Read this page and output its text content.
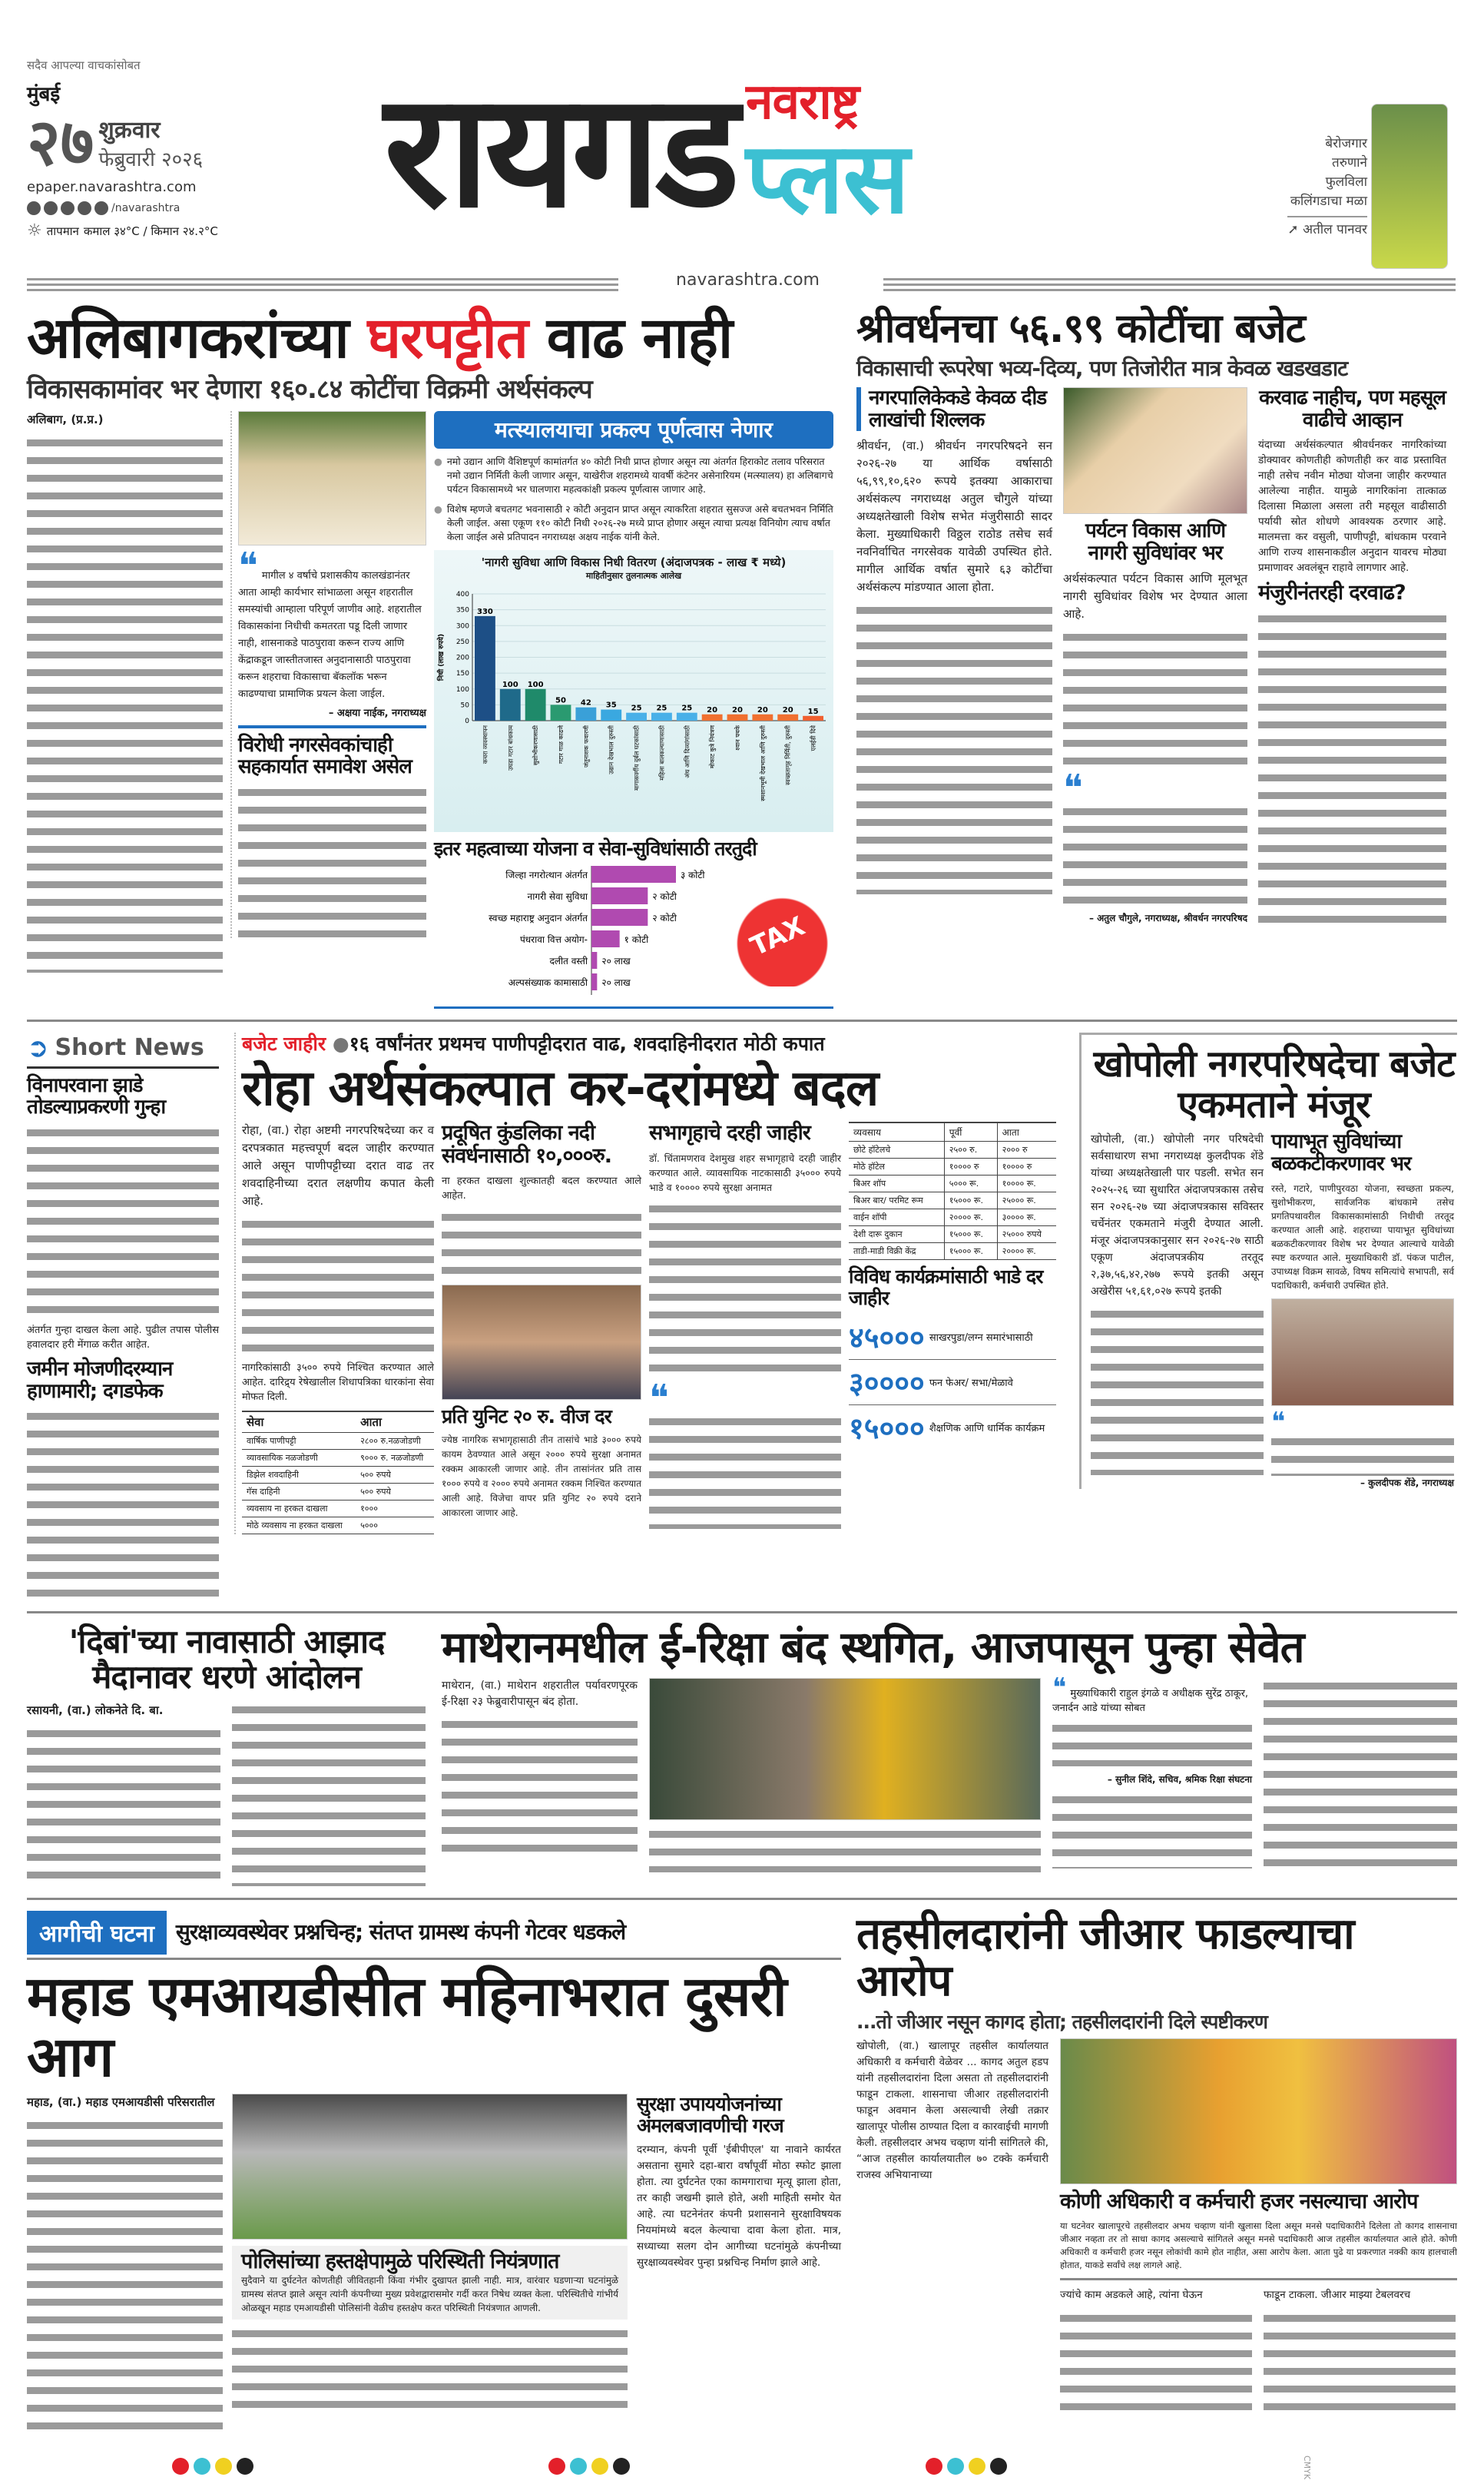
सदैव आपल्या वाचकांसोबत
मुंबई
२७ शुक्रवार
फेब्रुवारी २०२६
epaper.navarashtra.com
/navarashtra
☼ तापमान कमाल ३४°C / किमान २४.२°C रायगड नवराष्ट्र
प्लस	बेरोजगार
तरुणाने
फुलविला
कलिंगडाचा मळा
➚ अतील पानवर
navarashtra.com
अलिबागकरांच्या घरपट्टीत वाढ नाही
विकासकामांवर भर देणारा १६०.८४ कोटींचा विक्रमी अर्थसंकल्प
अलिबाग, (प्र.प्र.)
❝ मागील ४ वर्षाचे प्रशासकीय कालखंडानंतर आता आम्ही कार्यभार सांभाळला असून शहरातील समस्यांची आम्हाला परिपूर्ण जाणीव आहे. शहरातील विकासकांना निधीची कमतरता पडू दिली जाणार नाही, शासनाकडे पाठपुरावा करून राज्य आणि केंद्राकडून जास्तीतजास्त अनुदानासाठी पाठपुरावा करून शहराचा विकासाचा बॅकलॉक भरून काढण्याचा प्रामाणिक प्रयत्न केला जाईल.
– अक्षया नाईक, नगराध्यक्ष
विरोधी नगरसेवकांचाही सहकार्यात समावेश असेल
मत्स्यालयाचा प्रकल्प पूर्णत्वास नेणार
● नमो उद्यान आणि वैशिष्टपूर्ण कामांतर्गत ४० कोटी निधी प्राप्त होणार असून त्या अंतर्गत हिराकोट तलाव परिसरात नमो उद्यान निर्मिती केली जाणार असून, याखेरीज शहरामध्ये यावर्षी कंटेनर असेनारियम (मत्स्यालय) हा अलिबागचे पर्यटन विकासामध्ये भर घालणारा महत्वकांक्षी प्रकल्प पूर्णत्वास जाणार आहे.
● विशेष म्हणजे बचतगट भवनासाठी २ कोटी अनुदान प्राप्त असून त्याकरिता शहरात सुसज्ज असे बचतभवन निर्मिति केली जाईल. असा एकूण ११० कोटी निधी २०२६-२७ मध्ये प्राप्त होणार असून त्याचा प्रत्यक्ष विनियोग त्याच वर्षात केला जाईल असे प्रतिपादन नगराध्यक्ष अक्षय नाईक यांनी केले.
'नागरी सुविधा आणि विकास निधी वितरण (अंदाजपत्रक - लाख ₹ मध्ये)
माहितीनुसार तुलनात्मक आलेख
निधी (लाख रुपये)
0
50
100
150
200
250
300
350
400
330
कचरा व्यवस्थापन
100
उघडा गटार बांधकाम
100
सुशोभीकरणासाठी
50
गटार गाळ काढणे
42
जंतुनाशक फवारणी
35
उद्यान देखभाल दुरुस्ती
25
मागासवर्गीय दुर्बल घटकांसाठी
25
महिला बालकल्याणासाठी
25
अंध आणि दिव्यांगांसाठी
20
मोकाट कुत्रे नियंत्रण
20
श्वान पथके
20
स्मशानभूमी देखभाल आणि दुरुस्ती
20
स्वच्छतागृह निर्मिती, दुरुस्ती
15
एलईडी दिवे
इतर महत्वाच्या योजना व सेवा-सुविधांसाठी तरतुदी
जिल्हा नगरोत्थान अंतर्गत	३ कोटी
नागरी सेवा सुविधा	२ कोटी
स्वच्छ महाराष्ट्र अनुदान अंतर्गत	२ कोटी
पंधरावा वित्त अयोग-	१ कोटी
दलीत वस्ती २० लाख
अल्पसंख्याक कामासाठी २० लाख
TAX
श्रीवर्धनचा ५६.९९ कोटींचा बजेट
विकासाची रूपरेषा भव्य-दिव्य, पण तिजोरीत मात्र केवळ खडखडाट
नगरपालिकेकडे केवळ दीड लाखांची शिल्लक
श्रीवर्धन, (वा.) श्रीवर्धन नगरपरिषदने सन २०२६-२७ या आर्थिक वर्षासाठी ५६,९९,१०,६२० रूपये इतक्या आकाराचा अर्थसंकल्प नगराध्यक्ष अतुल चौगुले यांच्या अध्यक्षतेखाली विशेष सभेत मंजुरीसाठी सादर केला. मुख्याधिकारी विठ्ठल राठोड तसेच सर्व नवनिर्वाचित नगरसेवक यावेळी उपस्थित होते. मागील आर्थिक वर्षात सुमारे ६३ कोटींचा अर्थसंकल्प मांडण्यात आला होता.
पर्यटन विकास आणि नागरी सुविधांवर भर
अर्थसंकल्पात पर्यटन विकास आणि मूलभूत नागरी सुविधांवर विशेष भर देण्यात आला आहे.
❝
– अतुल चौगुले, नगराध्यक्ष, श्रीवर्धन नगरपरिषद
करवाढ नाहीच, पण महसूल वाढीचे आव्हान
यंदाच्या अर्थसंकल्पात श्रीवर्धनकर नागरिकांच्या डोक्यावर कोणतीही कोणतीही कर वाढ प्रस्तावित नाही तसेच नवीन मोठ्या योजना जाहीर करण्यात आलेल्या नाहीत. यामुळे नागरिकांना तात्काळ दिलासा मिळाला असला तरी महसूल वाढीसाठी पर्यायी स्रोत शोधणे आवश्यक ठरणार आहे. मालमत्ता कर वसुली, पाणीपट्टी, बांधकाम परवाने आणि राज्य शासनाकडील अनुदान यावरच मोठ्या प्रमाणावर अवलंबून राहावे लागणार आहे.
मंजुरीनंतरही दरवाढ?
➲ Short News
विनापरवाना झाडे तोडल्याप्रकरणी गुन्हा
अंतर्गत गुन्हा दाखल केला आहे. पुढील तपास पोलीस हवालदार हरी मेंगाळ करीत आहेत.
जमीन मोजणीदरम्यान हाणामारी; दगडफेक
बजेट जाहीर ●१६ वर्षांनंतर प्रथमच पाणीपट्टीदरात वाढ, शवदाहिनीदरात मोठी कपात
रोहा अर्थसंकल्पात कर-दरांमध्ये बदल
रोहा, (वा.) रोहा अष्टमी नगरपरिषदेच्या कर व दरपत्रकात महत्त्वपूर्ण बदल जाहीर करण्यात आले असून पाणीपट्टीच्या दरात वाढ तर शवदाहिनीच्या दरात लक्षणीय कपात केली आहे.
नागरिकांसाठी ३५०० रुपये निश्चित करण्यात आले आहेत. दारिद्र्य रेषेखालील शिधापत्रिका धारकांना सेवा मोफत दिली.
सेवा	आता
वार्षिक पाणीपट्टी	२८०० रु.नळजोडणी
व्यावसायिक नळजोडणी	९००० रु. नळजोडणी
डिझेल शवदाहिनी	५०० रुपये
गॅस दाहिनी	५०० रुपये
व्यवसाय ना हरकत दाखला	१०००
मोठे व्यवसाय ना हरकत दाखला	५०००
प्रदूषित कुंडलिका नदी संवर्धनासाठी १०,०००रु.
ना हरकत दाखला शुल्कातही बदल करण्यात आले आहेत.
प्रति युनिट २० रु. वीज दर
ज्येष्ठ नागरिक सभागृहासाठी तीन तासांचे भाडे ३००० रुपये कायम ठेवण्यात आले असून २००० रुपये सुरक्षा अनामत रक्कम आकारली जाणार आहे. तीन तासांनंतर प्रति तास १००० रुपये व २००० रुपये अनामत रक्कम निश्चित करण्यात आली आहे. विजेचा वापर प्रति युनिट २० रुपये दराने आकारला जाणार आहे.
सभागृहाचे दरही जाहीर
डॉ. चिंतामणराव देशमुख शहर सभागृहाचे दरही जाहीर करण्यात आले. व्यावसायिक नाटकासाठी ३५००० रुपये भाडे व १०००० रुपये सुरक्षा अनामत
❝
व्यवसाय	पूर्वी	आता
छोटे हॉटेलचे	२५०० रु.	२००० रु
मोठे हॉटेल	१०००० रु	१०००० रु
बिअर शॉप	५००० रू.	१०००० रू.
बिअर बार/ परमिट रूम	१५००० रू.	२५००० रू.
वाईन शॉपी	२०००० रू.	३०००० रू.
देशी दारू दुकान	१५००० रू.	२५००० रुपये
ताडी-माडी विक्री केंद्र	१५००० रू.	२०००० रू.
विविध कार्यक्रमांसाठी भाडे दर जाहीर
४५००० साखरपुडा/लग्न समारंभासाठी
३०००० फन फेअर/ सभा/मेळावे
१५००० शैक्षणिक आणि धार्मिक कार्यक्रम
खोपोली नगरपरिषदेचा बजेट एकमताने मंजूर
खोपोली, (वा.) खोपोली नगर परिषदेची सर्वसाधारण सभा नगराध्यक्ष कुलदीपक शेंडे यांच्या अध्यक्षतेखाली पार पडली. सभेत सन २०२५-२६ च्या सुधारित अंदाजपत्रकास तसेच सन २०२६-२७ च्या अंदाजपत्रकास सविस्तर चर्चेनंतर एकमताने मंजुरी देण्यात आली. मंजूर अंदाजपत्रकानुसार सन २०२६-२७ साठी एकूण अंदाजपत्रकीय तरतूद २,३७,५६,४२,२७७ रूपये इतकी असून अखेरीस ५१,६१,०२७ रूपये इतकी
पायाभूत सुविधांच्या बळकटीकरणावर भर
रस्ते, गटारे, पाणीपुरवठा योजना, स्वच्छता प्रकल्प, सुशोभीकरण, सार्वजनिक बांधकामे तसेच प्रगतिपथावरील विकासकामांसाठी निधीची तरतूद करण्यात आली आहे. शहराच्या पायाभूत सुविधांच्या बळकटीकरणावर विशेष भर देण्यात आल्याचे यावेळी स्पष्ट करण्यात आले. मुख्याधिकारी डॉ. पंकज पाटील, उपाध्यक्ष विक्रम सावळे, विषय समित्यांचे सभापती, सर्व पदाधिकारी, कर्मचारी उपस्थित होते.
❝
– कुलदीपक शेंडे, नगराध्यक्ष
'दिबां'च्या नावासाठी आझाद मैदानावर धरणे आंदोलन
रसायनी, (वा.) लोकनेते दि. बा.
माथेरानमधील ई-रिक्षा बंद स्थगित, आजपासून पुन्हा सेवेत
माथेरान, (वा.) माथेरान शहरातील पर्यावरणपूरक ई-रिक्षा २३ फेब्रुवारीपासून बंद होता.	❝ मुख्याधिकारी राहुल इंगळे व अधीक्षक सुरेंद्र ठाकूर, जनार्दन आडे यांच्या सोबत
– सुनील शिंदे, सचिव, श्रमिक रिक्षा संघटना
आगीची घटना	सुरक्षाव्यवस्थेवर प्रश्नचिन्ह; संतप्त ग्रामस्थ कंपनी गेटवर धडकले
महाड एमआयडीसीत महिनाभरात दुसरी आग
महाड, (वा.) महाड एमआयडीसी परिसरातील
पोलिसांच्या हस्तक्षेपामुळे परिस्थिती नियंत्रणात
सुदैवाने या दुर्घटनेत कोणतीही जीवितहानी किंवा गंभीर दुखापत झाली नाही. मात्र, वारंवार घडणाऱ्या घटनांमुळे ग्रामस्थ संतप्त झाले असून त्यांनी कंपनीच्या मुख्य प्रवेशद्वारासमोर गर्दी करत निषेध व्यक्त केला. परिस्थितीचे गांभीर्य ओळखून महाड एमआयडीसी पोलिसांनी वेळीच हस्तक्षेप करत परिस्थिती नियंत्रणात आणली.
सुरक्षा उपाययोजनांच्या अंमलबजावणीची गरज
दरम्यान, कंपनी पूर्वी 'ईबीपीएल' या नावाने कार्यरत असताना सुमारे दहा-बारा वर्षांपूर्वी मोठा स्फोट झाला होता. त्या दुर्घटनेत एका कामगाराचा मृत्यू झाला होता, तर काही जखमी झाले होते, अशी माहिती समोर येत आहे. त्या घटनेनंतर कंपनी प्रशासनाने सुरक्षाविषयक नियमांमध्ये बदल केल्याचा दावा केला होता. मात्र, सध्याच्या सलग दोन आगीच्या घटनांमुळे कंपनीच्या सुरक्षाव्यवस्थेवर पुन्हा प्रश्नचिन्ह निर्माण झाले आहे.
तहसीलदारांनी जीआर फाडल्याचा आरोप
...तो जीआर नसून कागद होता; तहसीलदारांनी दिले स्पष्टीकरण
खोपोली, (वा.) खालापूर तहसील कार्यालयात अधिकारी व कर्मचारी वेळेवर ... कागद अतुल हडप यांनी तहसीलदारांना दिला असता तो तहसीलदारांनी फाडून टाकला. शासनाचा जीआर तहसीलदारांनी फाडून अवमान केला असल्याची लेखी तक्रार खालापूर पोलीस ठाण्यात दिला व कारवाईची मागणी केली. तहसीलदार अभय चव्हाण यांनी सांगितले की, “आज तहसील कार्यालयातील ७० टक्के कर्मचारी राजस्व अभियानाच्या
कोणी अधिकारी व कर्मचारी हजर नसल्याचा आरोप
या घटनेवर खालापूरचे तहसीलदार अभय चव्हाण यांनी खुलासा दिला असून मनसे पदाधिकारीने दिलेला तो कागद शासनाचा जीआर नव्हता तर तो साधा कागद असल्याचे सांगितले असून मनसे पदाधिकारी आज तहसील कार्यालयात आले होते. कोणी अधिकारी व कर्मचारी हजर नसून लोकांची कामे होत नाहीत, असा आरोप केला. आता पुढे या प्रकरणात नक्की काय हालचाली होतात, याकडे सर्वांचे लक्ष लागले आहे.
ज्यांचे काम अडकले आहे, त्यांना घेऊन	फाडून टाकला. जीआर माझ्या टेबलवरच
CMYK
